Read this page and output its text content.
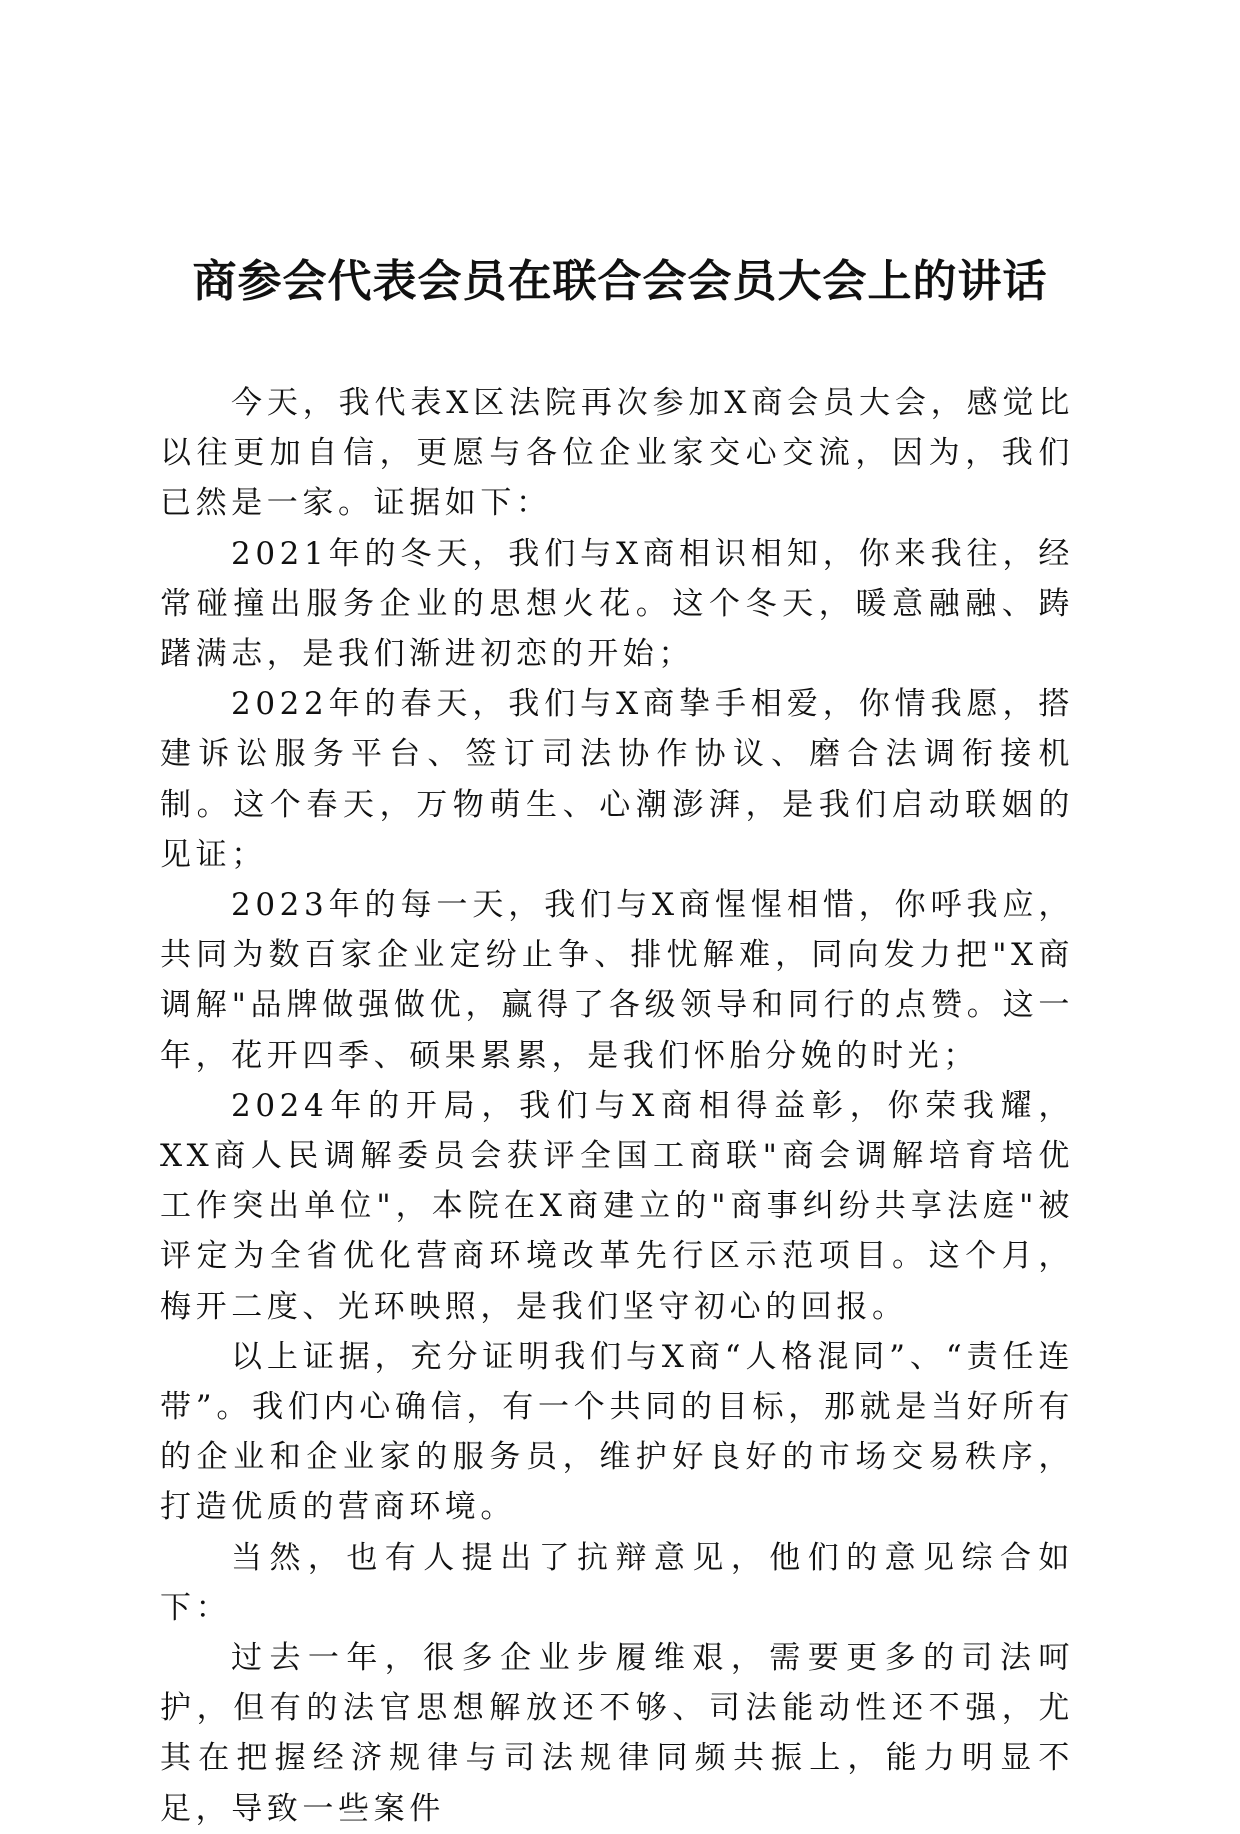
商参会代表会员在联合会会员大会上的讲话

今天，我代表X区法院再次参加X商会员大会，感觉比以往更加自信，更愿与各位企业家交心交流，因为，我们已然是一家。证据如下：

2021年的冬天，我们与X商相识相知，你来我往，经常碰撞出服务企业的思想火花。这个冬天，暖意融融、踌躇满志，是我们渐进初恋的开始；

2022年的春天，我们与X商挚手相爱，你情我愿，搭建诉讼服务平台、签订司法协作协议、磨合法调衔接机制。这个春天，万物萌生、心潮澎湃，是我们启动联姻的见证；

2023年的每一天，我们与X商惺惺相惜，你呼我应，共同为数百家企业定纷止争、排忧解难，同向发力把"X商调解"品牌做强做优，赢得了各级领导和同行的点赞。这一年，花开四季、硕果累累，是我们怀胎分娩的时光；

2024年的开局，我们与X商相得益彰，你荣我耀，XX商人民调解委员会获评全国工商联"商会调解培育培优工作突出单位"，本院在X商建立的"商事纠纷共享法庭"被评定为全省优化营商环境改革先行区示范项目。这个月，梅开二度、光环映照，是我们坚守初心的回报。

以上证据，充分证明我们与X商“人格混同”、“责任连带”。我们内心确信，有一个共同的目标，那就是当好所有的企业和企业家的服务员，维护好良好的市场交易秩序，打造优质的营商环境。

当然，也有人提出了抗辩意见，他们的意见综合如下：

过去一年，很多企业步履维艰，需要更多的司法呵护，但有的法官思想解放还不够、司法能动性还不强，尤其在把握经济规律与司法规律同频共振上，能力明显不足，导致一些案件
